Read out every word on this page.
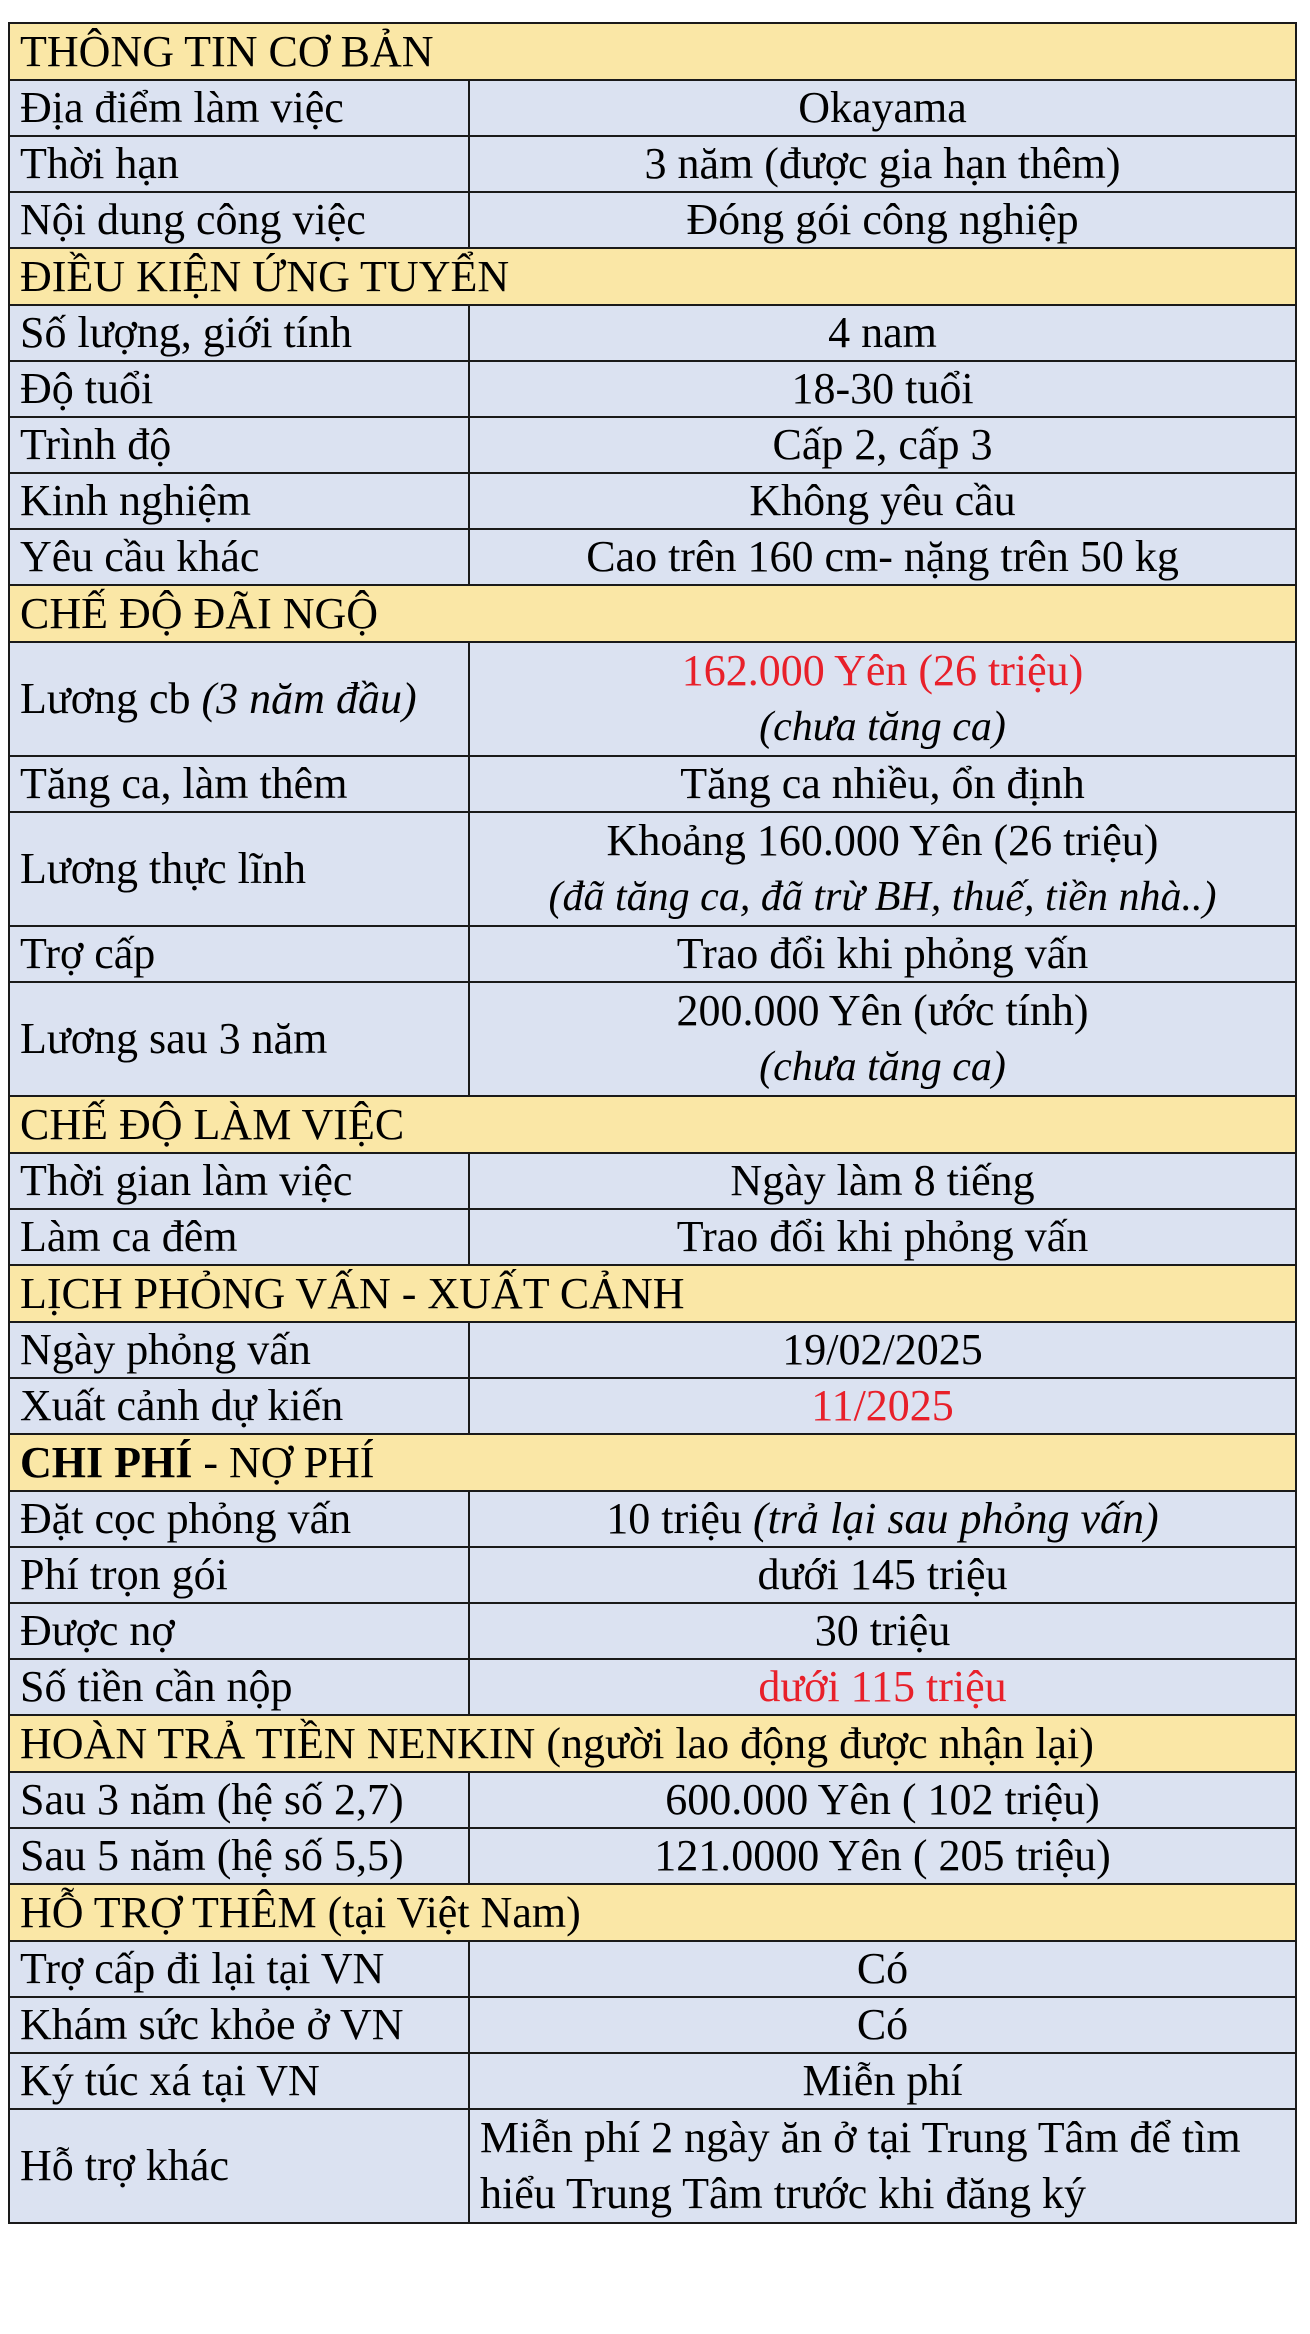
THÔNG TIN CƠ BẢN	
Địa điểm làm việc	Okayama
Thời hạn	3 năm (được gia hạn thêm)
Nội dung công việc	Đóng gói công nghiệp
ĐIỀU KIỆN ỨNG TUYỂN	
Số lượng, giới tính	4 nam
Độ tuổi	18-30 tuổi
Trình độ	Cấp 2, cấp 3
Kinh nghiệm	Không yêu cầu
Yêu cầu khác	Cao trên 160 cm- nặng trên 50 kg
CHẾ ĐỘ ĐÃI NGỘ	
Lương cb (3 năm đầu)	162.000 Yên (26 triệu)
(chưa tăng ca)

Tăng ca, làm thêm	Tăng ca nhiều, ổn định
Lương thực lĩnh	Khoảng 160.000 Yên (26 triệu)
(đã tăng ca, đã trừ BH, thuế, tiền nhà..)

Trợ cấp	Trao đổi khi phỏng vấn
Lương sau 3 năm	200.000 Yên (ước tính)
(chưa tăng ca)

CHẾ ĐỘ LÀM VIỆC	
Thời gian làm việc	Ngày làm 8 tiếng
Làm ca đêm	Trao đổi khi phỏng vấn
LỊCH PHỎNG VẤN - XUẤT CẢNH	
Ngày phỏng vấn	19/02/2025
Xuất cảnh dự kiến	11/2025
CHI PHÍ - NỢ PHÍ	
Đặt cọc phỏng vấn	10 triệu (trả lại sau phỏng vấn)
Phí trọn gói	dưới 145 triệu
Được nợ	30 triệu
Số tiền cần nộp	dưới 115 triệu
HOÀN TRẢ TIỀN NENKIN (người lao động được nhận lại)	
Sau 3 năm (hệ số 2,7)	600.000 Yên ( 102 triệu)
Sau 5 năm (hệ số 5,5)	121.0000 Yên ( 205 triệu)
HỖ TRỢ THÊM (tại Việt Nam)	
Trợ cấp đi lại tại VN	Có
Khám sức khỏe ở VN	Có
Ký túc xá tại VN	Miễn phí
Hỗ trợ khác	Miễn phí 2 ngày ăn ở tại Trung Tâm để tìm hiểu Trung Tâm trước khi đăng ký
